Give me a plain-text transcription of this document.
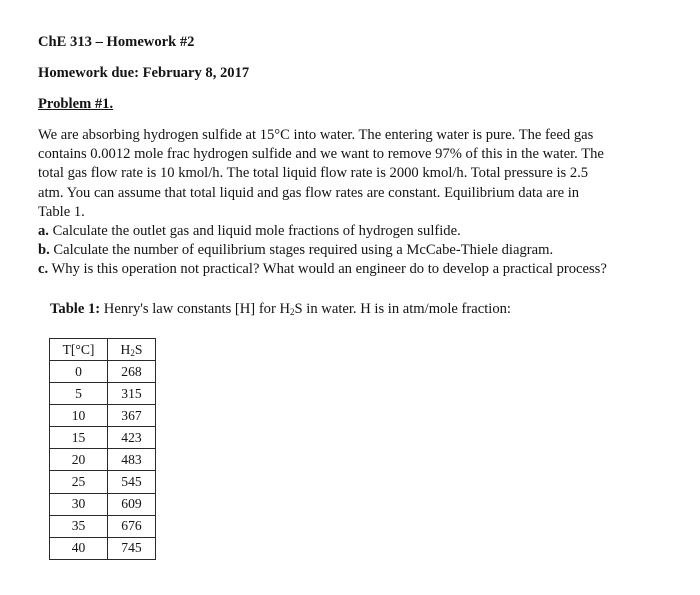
ChE 313 – Homework #2
Homework due: February 8, 2017
Problem #1.
We are absorbing hydrogen sulfide at 15°C into water. The entering water is pure. The feed gas
contains 0.0012 mole frac hydrogen sulfide and we want to remove 97% of this in the water. The
total gas flow rate is 10 kmol/h. The total liquid flow rate is 2000 kmol/h. Total pressure is 2.5
atm. You can assume that total liquid and gas flow rates are constant. Equilibrium data are in
Table 1.
a. Calculate the outlet gas and liquid mole fractions of hydrogen sulfide.
b. Calculate the number of equilibrium stages required using a McCabe-Thiele diagram.
c. Why is this operation not practical? What would an engineer do to develop a practical process?
Table 1: Henry's law constants [H] for $H_2S$ in water. H is in atm/mole fraction:
T[°C]	$H_2S$
0	268
5	315
10	367
15	423
20	483
25	545
30	609
35	676
40	745
